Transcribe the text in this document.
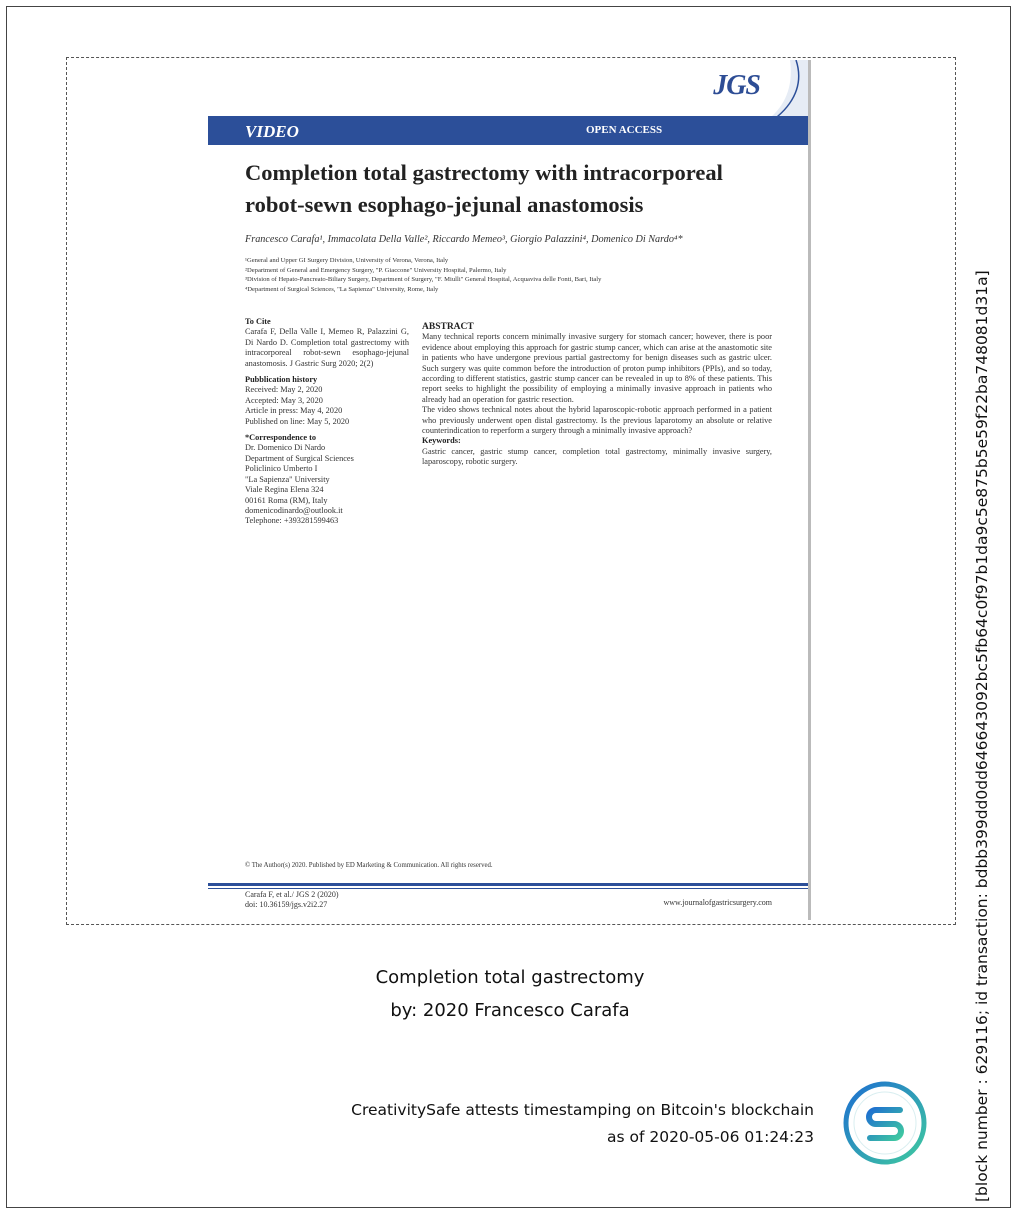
JGS
VIDEO	OPEN ACCESS
Completion total gastrectomy with intracorporeal
robot-sewn esophago-jejunal anastomosis
Francesco Carafa¹, Immacolata Della Valle², Riccardo Memeo³, Giorgio Palazzini⁴, Domenico Di Nardo⁴*
¹General and Upper GI Surgery Division, University of Verona, Verona, Italy
²Department of General and Emergency Surgery, "P. Giaccone" University Hospital, Palermo, Italy
³Division of Hepato-Pancreato-Biliary Surgery, Department of Surgery, "F. Miulli" General Hospital, Acquaviva delle Fonti, Bari, Italy
⁴Department of Surgical Sciences, "La Sapienza" University, Rome, Italy
To Cite
Carafa F, Della Valle I, Memeo R, Palazzini G, Di Nardo D. Completion total gastrectomy with intracorporeal robot-sewn esophago-jejunal anastomosis. J Gastric Surg 2020; 2(2)
Pubblication history
Received: May 2, 2020
Accepted: May 3, 2020
Article in press: May 4, 2020
Published on line: May 5, 2020
*Correspondence to
Dr. Domenico Di Nardo
Department of Surgical Sciences
Policlinico Umberto I
"La Sapienza" University
Viale Regina Elena 324
00161 Roma (RM), Italy
domenicodinardo@outlook.it
Telephone: +393281599463
ABSTRACT
Many technical reports concern minimally invasive surgery for stomach cancer; however, there is poor evidence about employing this approach for gastric stump cancer, which can arise at the anastomotic site in patients who have undergone previous partial gastrectomy for benign diseases such as gastric ulcer. Such surgery was quite common before the introduction of proton pump inhibitors (PPIs), and so today, according to different statistics, gastric stump cancer can be revealed in up to 8% of these patients. This report seeks to highlight the possibility of employing a minimally invasive approach in patients who already had an operation for gastric resection.
The video shows technical notes about the hybrid laparoscopic-robotic approach performed in a patient who previously underwent open distal gastrectomy. Is the previous laparotomy an absolute or relative counterindication to reperform a surgery through a minimally invasive approach?
Keywords:
Gastric cancer, gastric stump cancer, completion total gastrectomy, minimally invasive surgery, laparoscopy, robotic surgery.
© The Author(s) 2020. Published by ED Marketing & Communication. All rights reserved.
Carafa F, et al./ JGS 2 (2020)
doi: 10.36159/jgs.v2i2.27	www.journalofgastricsurgery.com
Completion total gastrectomy
by: 2020 Francesco Carafa
CreativitySafe attests timestamping on Bitcoin's blockchain
as of 2020-05-06 01:24:23	[block number : 629116; id transaction: bdbb399dd0dd646643092bc5fb64c0f97b1da9c5e875b5e59f22ba748081d31a]
